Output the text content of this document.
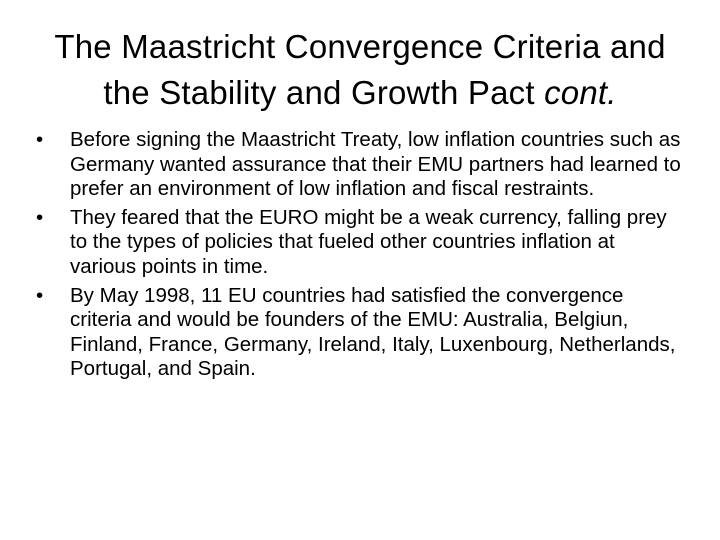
The Maastricht Convergence Criteria and the Stability and Growth Pact cont.
•	Before signing the Maastricht Treaty, low inflation countries such as Germany wanted assurance that their EMU partners had learned to prefer an environment of low inflation and fiscal restraints.
•	They feared that the EURO might be a weak currency, falling prey to the types of policies that fueled other countries inflation at various points in time.
•	By May 1998, 11 EU countries had satisfied the convergence criteria and would be founders of the EMU: Australia, Belgiun, Finland, France, Germany, Ireland, Italy, Luxenbourg, Netherlands, Portugal, and Spain.
